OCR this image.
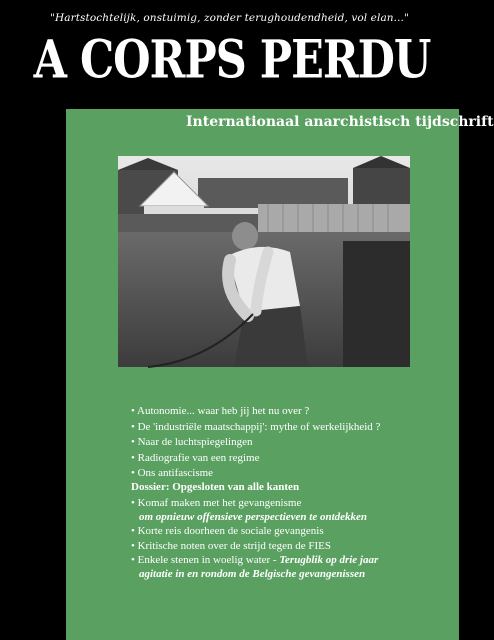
"Hartstochtelijk, onstuimig, zonder terughoudendheid, vol elan..."
A CORPS PERDU
Internationaal anarchistisch tijdschrift
• Autonomie... waar heb jij het nu over ?
• De 'industriële maatschappij': mythe of werkelijkheid ?
• Naar de luchtspiegelingen
• Radiografie van een regime
• Ons antifascisme
Dossier: Opgesloten van alle kanten
• Komaf maken met het gevangenisme
om opnieuw offensieve perspectieven te ontdekken
• Korte reis doorheen de sociale gevangenis
• Kritische noten over de strijd tegen de FIES
• Enkele stenen in woelig water - Terugblik op drie jaar
agitatie in en rondom de Belgische gevangenissen
2
juli
2009
